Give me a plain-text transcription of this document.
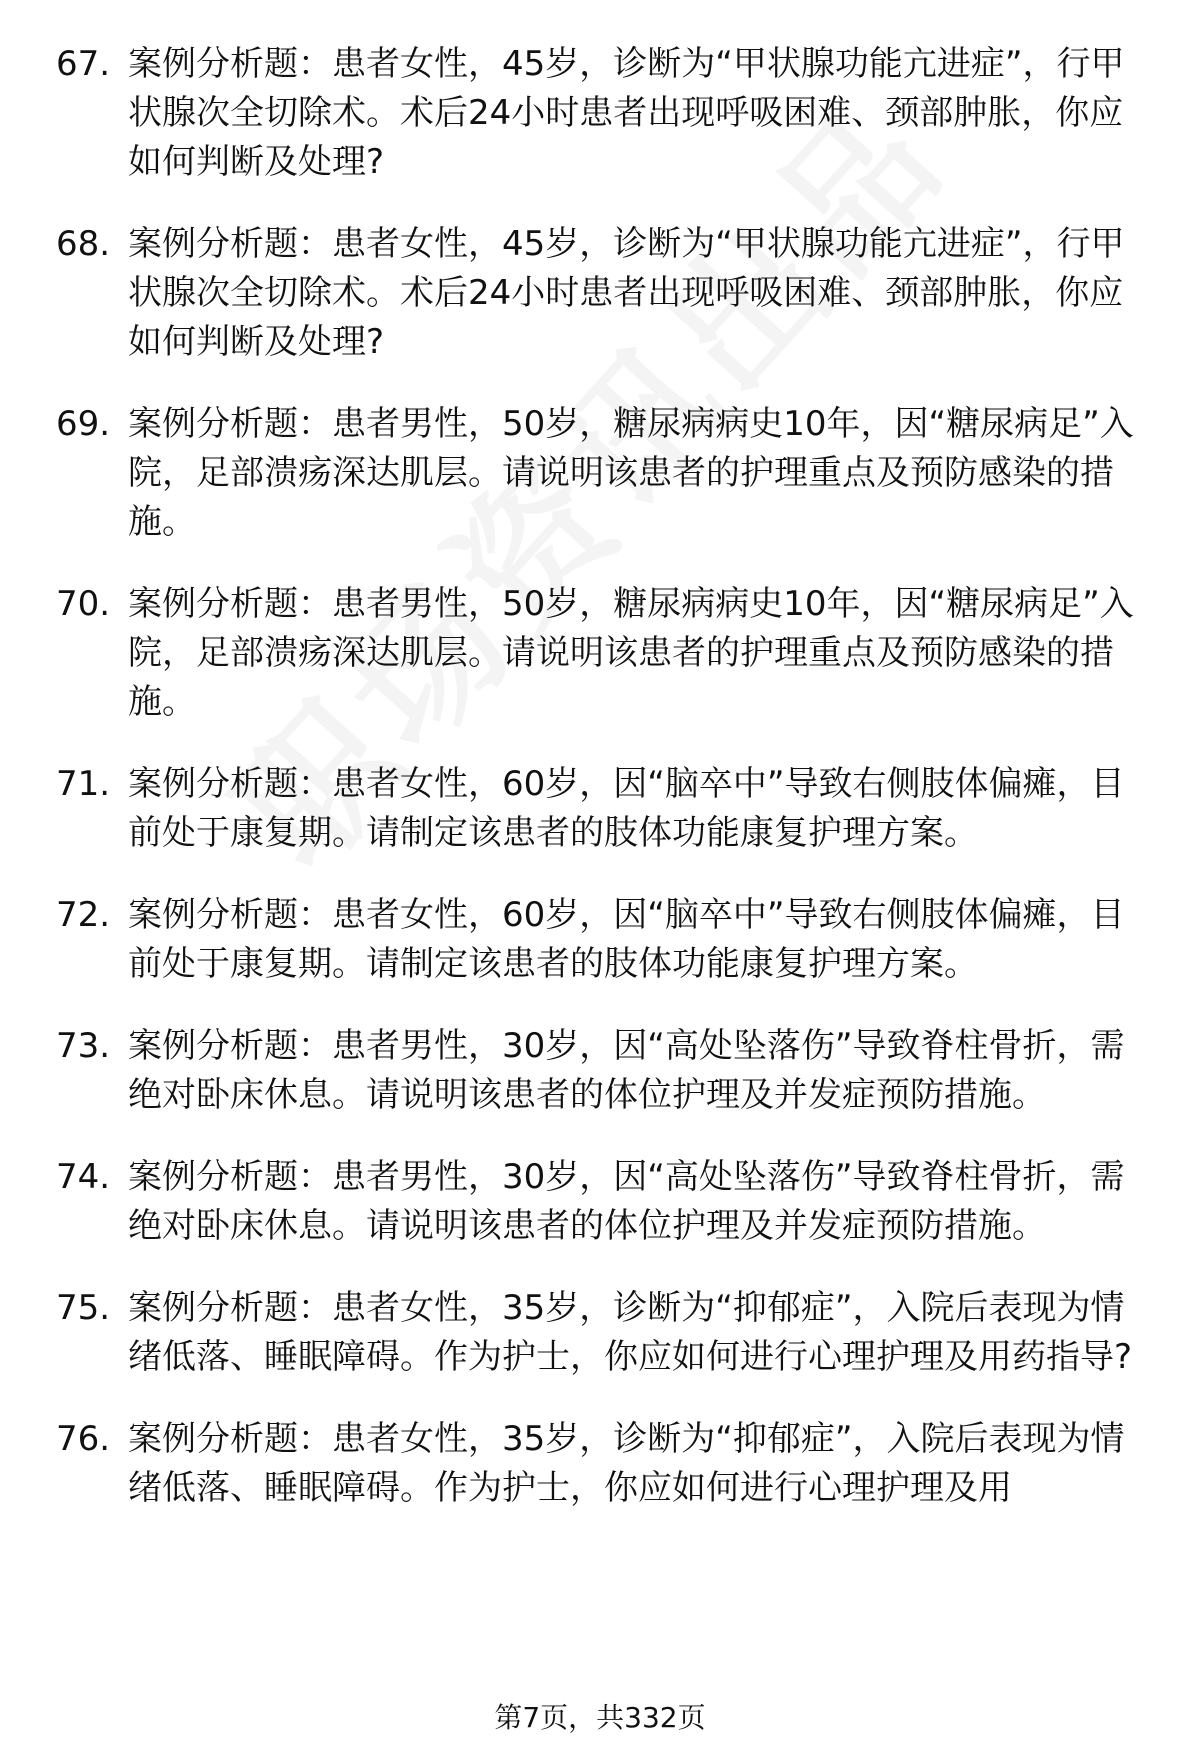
67. 案例分析题：患者女性，45岁，诊断为“甲状腺功能亢进症”，行甲状腺次全切除术。术后24小时患者出现呼吸困难、颈部肿胀，你应如何判断及处理?
68. 案例分析题：患者女性，45岁，诊断为“甲状腺功能亢进症”，行甲状腺次全切除术。术后24小时患者出现呼吸困难、颈部肿胀，你应如何判断及处理?
69. 案例分析题：患者男性，50岁，糖尿病病史10年，因“糖尿病足”入院，足部溃疡深达肌层。请说明该患者的护理重点及预防感染的措施。
70. 案例分析题：患者男性，50岁，糖尿病病史10年，因“糖尿病足”入院，足部溃疡深达肌层。请说明该患者的护理重点及预防感染的措施。
71. 案例分析题：患者女性，60岁，因“脑卒中”导致右侧肢体偏瘫，目前处于康复期。请制定该患者的肢体功能康复护理方案。
72. 案例分析题：患者女性，60岁，因“脑卒中”导致右侧肢体偏瘫，目前处于康复期。请制定该患者的肢体功能康复护理方案。
73. 案例分析题：患者男性，30岁，因“高处坠落伤”导致脊柱骨折，需绝对卧床休息。请说明该患者的体位护理及并发症预防措施。
74. 案例分析题：患者男性，30岁，因“高处坠落伤”导致脊柱骨折，需绝对卧床休息。请说明该患者的体位护理及并发症预防措施。
75. 案例分析题：患者女性，35岁，诊断为“抑郁症”，入院后表现为情绪低落、睡眠障碍。作为护士，你应如何进行心理护理及用药指导?
76. 案例分析题：患者女性，35岁，诊断为“抑郁症”，入院后表现为情绪低落、睡眠障碍。作为护士，你应如何进行心理护理及用
第7页，共332页
